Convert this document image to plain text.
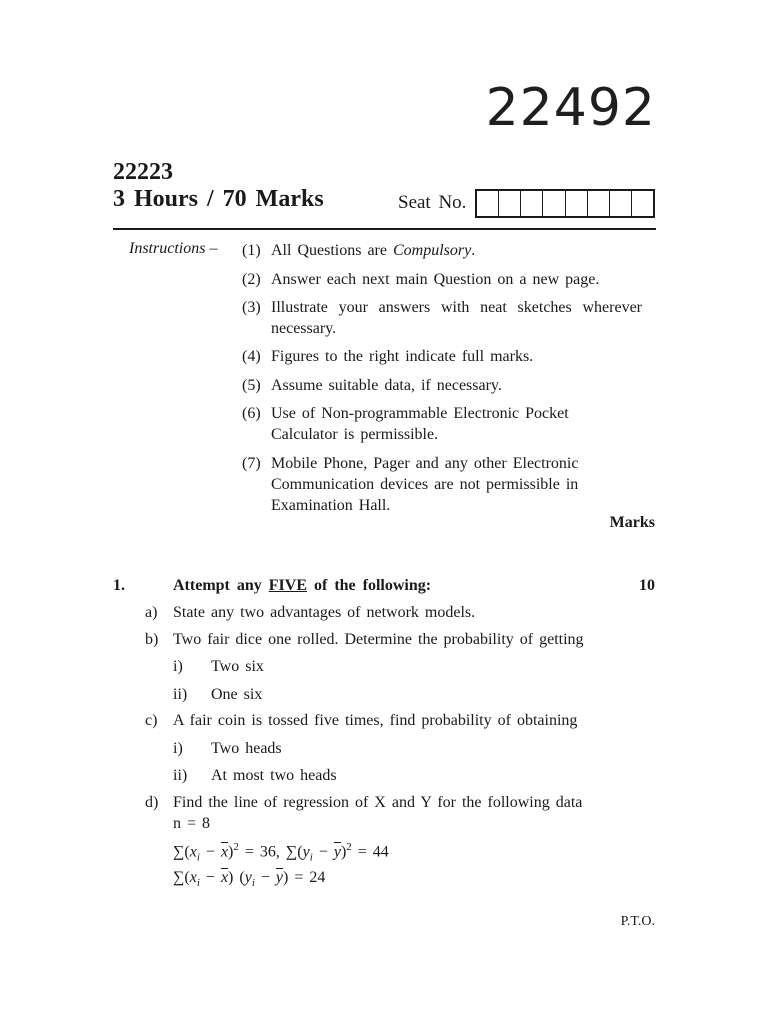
22492
22223
3 Hours / 70 Marks	Seat No.
Instructions – (1) All Questions are Compulsory.
(2) Answer each next main Question on a new page.
(3) Illustrate your answers with neat sketches wherever necessary.
(4) Figures to the right indicate full marks.
(5) Assume suitable data, if necessary.
(6) Use of Non-programmable Electronic Pocket Calculator is permissible.
(7) Mobile Phone, Pager and any other Electronic Communication devices are not permissible in Examination Hall.
Marks
1.	Attempt any FIVE of the following:	10
a) State any two advantages of network models.
b) Two fair dice one rolled. Determine the probability of getting
i) Two six
ii) One six
c) A fair coin is tossed five times, find probability of obtaining
i) Two heads
ii) At most two heads
d) Find the line of regression of X and Y for the following data
n = 8
$\sum(x_i - \overline{x})^2 = 36$, $\sum(y_i - \overline{y})^2 = 44$
$\sum(x_i - \overline{x}) (y_i - \overline{y}) = 24$
P.T.O.
